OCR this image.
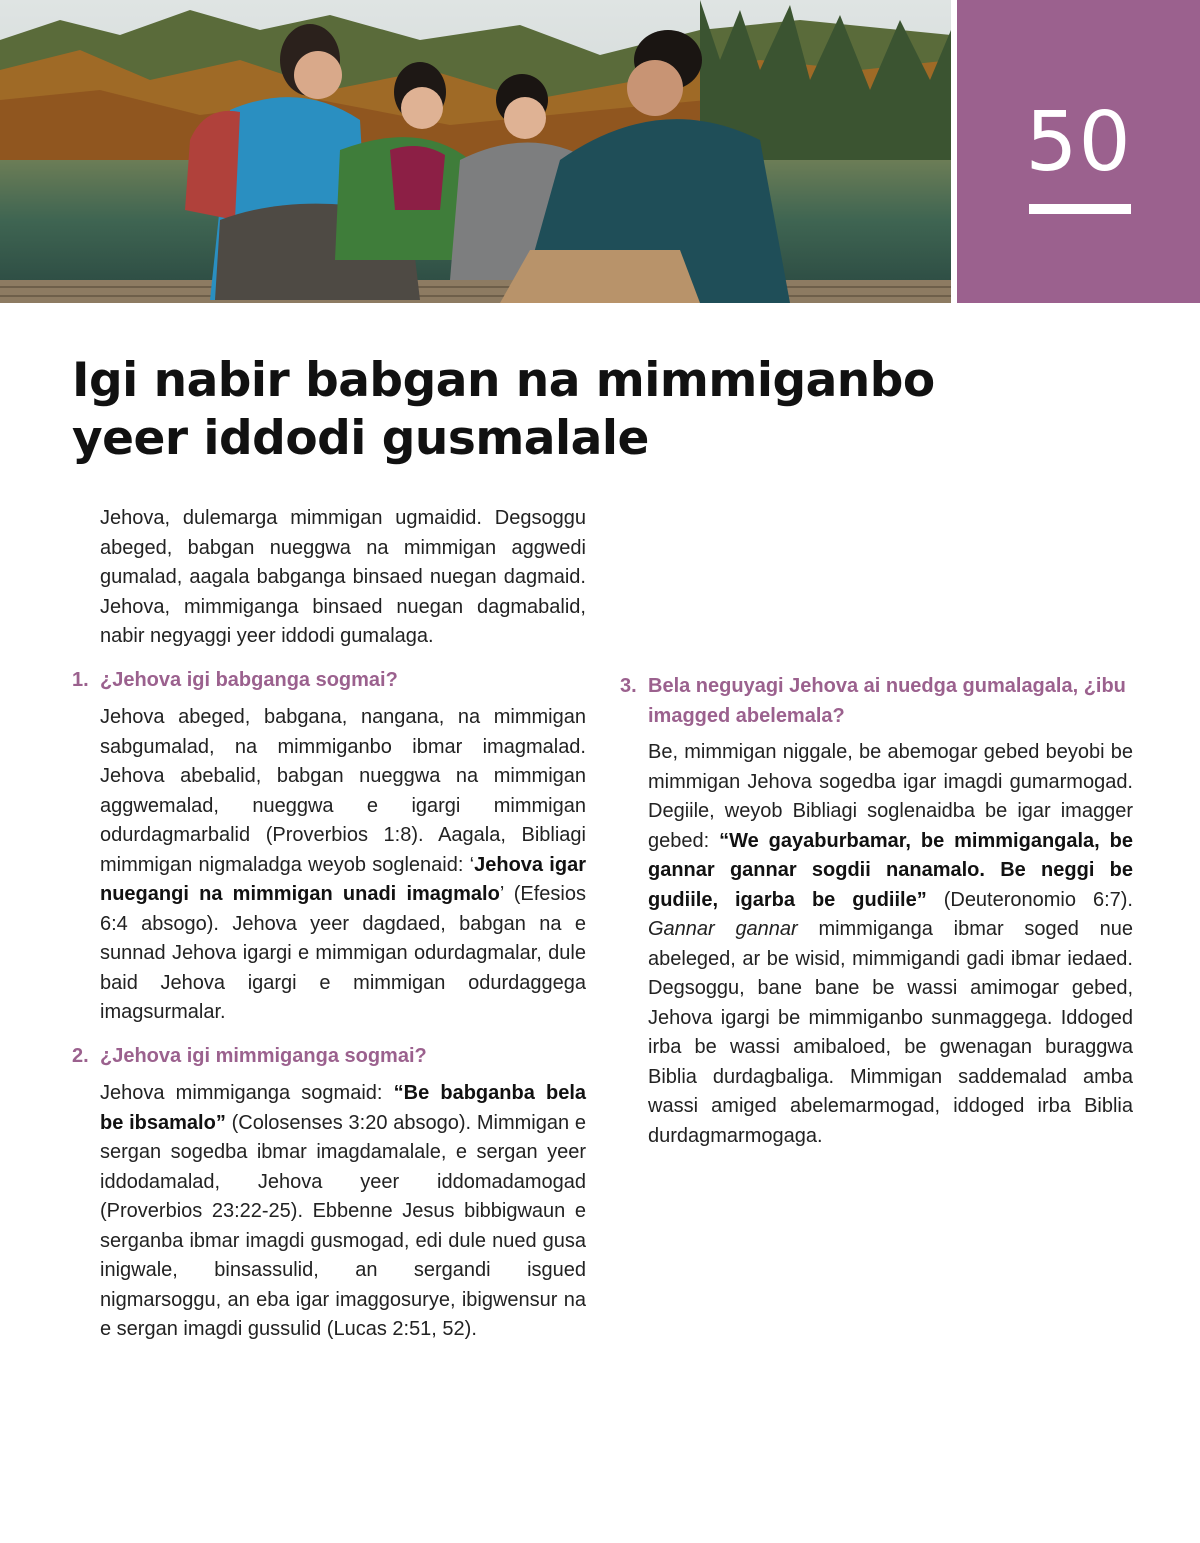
50
Igi nabir babgan na mimmiganbo
yeer iddodi gusmalale

Jehova, dulemarga mimmigan ugmaidid. Degsoggu abeged, babgan nueggwa na mimmigan aggwedi gumalad, aagala babganga binsaed nuegan dagmaid. Jehova, mimmiganga binsaed nuegan dagmabalid, nabir negyaggi yeer iddodi gumalaga.

1. ¿Jehova igi babganga sogmai?

Jehova abeged, babgana, nangana, na mimmigan sabgumalad, na mimmiganbo ibmar imagmalad. Jehova abebalid, babgan nueggwa na mimmigan aggwemalad, nueggwa e igargi mimmigan odurdagmarbalid (Proverbios 1:8). Aagala, Bibliagi mimmigan nigmaladga weyob soglenaid: ‘Jehova igar nuegangi na mimmigan unadi imagmalo’ (Efesios 6:4 absogo). Jehova yeer dagdaed, babgan na e sunnad Jehova igargi e mimmigan odurdagmalar, dule baid Jehova igargi e mimmigan odurdaggega imagsurmalar.

2. ¿Jehova igi mimmiganga sogmai?

Jehova mimmiganga sogmaid: “Be babganba bela be ibsamalo” (Colosenses 3:20 absogo). Mimmigan e sergan sogedba ibmar imagdamalale, e sergan yeer iddodamalad, Jehova yeer iddomadamogad (Proverbios 23:22-25). Ebbenne Jesus bibbigwaun e serganba ibmar imagdi gusmogad, edi dule nued gusa inigwale, binsassulid, an sergandi isgued nigmarsoggu, an eba igar imaggosurye, ibigwensur na e sergan imagdi gussulid (Lucas 2:51, 52).

3. Bela neguyagi Jehova ai nuedga gumalagala, ¿ibu imagged abelemala?

Be, mimmigan niggale, be abemogar gebed beyobi be mimmigan Jehova sogedba igar imagdi gumarmogad. Degiile, weyob Bibliagi soglenaidba be igar imagger gebed: “We gayaburbamar, be mimmigangala, be gannar gannar sogdii nanamalo. Be neggi be gudiile, igarba be gudiile” (Deuteronomio 6:7). Gannar gannar mimmiganga ibmar soged nue abeleged, ar be wisid, mimmigandi gadi ibmar iedaed. Degsoggu, bane bane be wassi amimogar gebed, Jehova igargi be mimmiganbo sunmaggega. Iddoged irba be wassi amibaloed, be gwenagan buraggwa Biblia durdagbaliga. Mimmigan saddemalad amba wassi amiged abelemarmogad, iddoged irba Biblia durdagmarmogaga.
